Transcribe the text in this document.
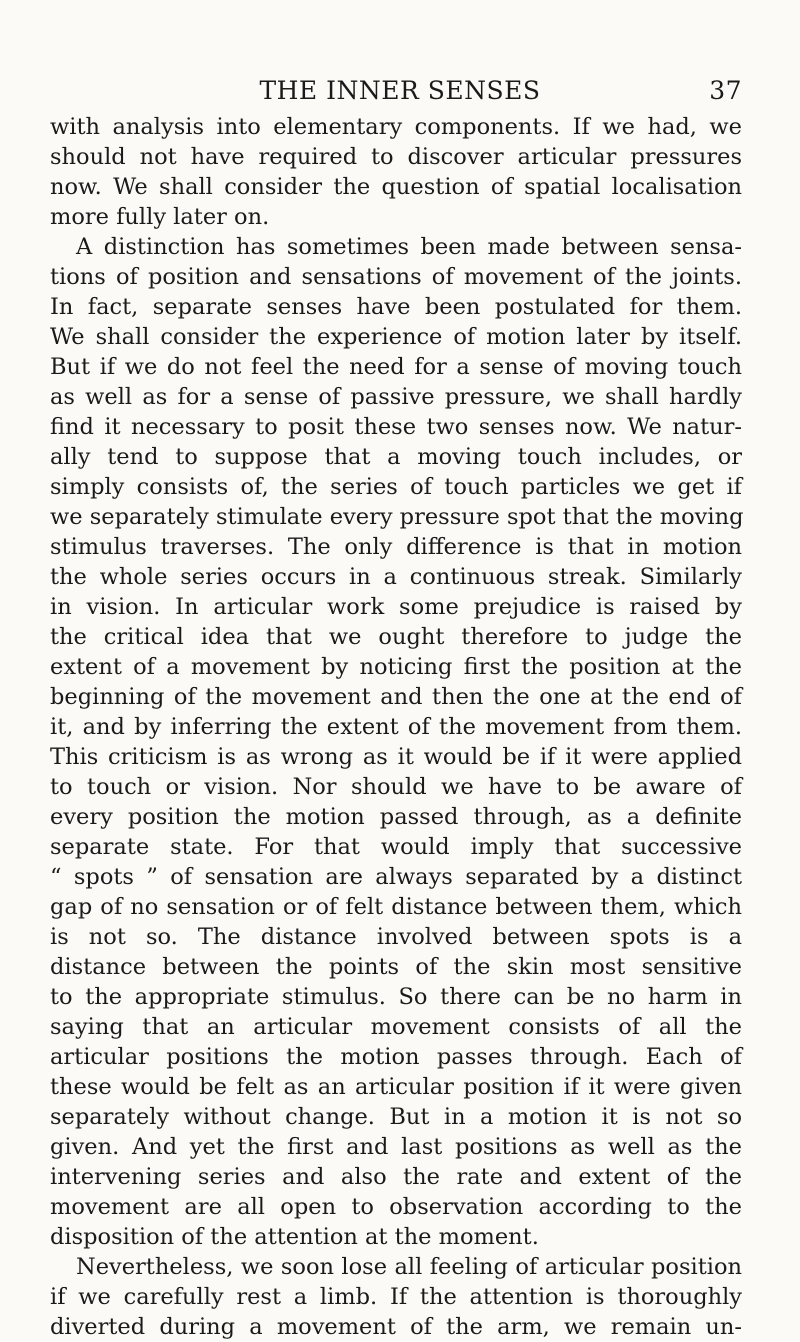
THE INNER SENSES	37
with analysis into elementary components. If we had, we
should not have required to discover articular pressures
now. We shall consider the question of spatial localisation
more fully later on.
A distinction has sometimes been made between sensa-
tions of position and sensations of movement of the joints.
In fact, separate senses have been postulated for them.
We shall consider the experience of motion later by itself.
But if we do not feel the need for a sense of moving touch
as well as for a sense of passive pressure, we shall hardly
find it necessary to posit these two senses now. We natur-
ally tend to suppose that a moving touch includes, or
simply consists of, the series of touch particles we get if
we separately stimulate every pressure spot that the moving
stimulus traverses. The only difference is that in motion
the whole series occurs in a continuous streak. Similarly
in vision. In articular work some prejudice is raised by
the critical idea that we ought therefore to judge the
extent of a movement by noticing first the position at the
beginning of the movement and then the one at the end of
it, and by inferring the extent of the movement from them.
This criticism is as wrong as it would be if it were applied
to touch or vision. Nor should we have to be aware of
every position the motion passed through, as a definite
separate state. For that would imply that successive
“ spots ” of sensation are always separated by a distinct
gap of no sensation or of felt distance between them, which
is not so. The distance involved between spots is a
distance between the points of the skin most sensitive
to the appropriate stimulus. So there can be no harm in
saying that an articular movement consists of all the
articular positions the motion passes through. Each of
these would be felt as an articular position if it were given
separately without change. But in a motion it is not so
given. And yet the first and last positions as well as the
intervening series and also the rate and extent of the
movement are all open to observation according to the
disposition of the attention at the moment.
Nevertheless, we soon lose all feeling of articular position
if we carefully rest a limb. If the attention is thoroughly
diverted during a movement of the arm, we remain un-
